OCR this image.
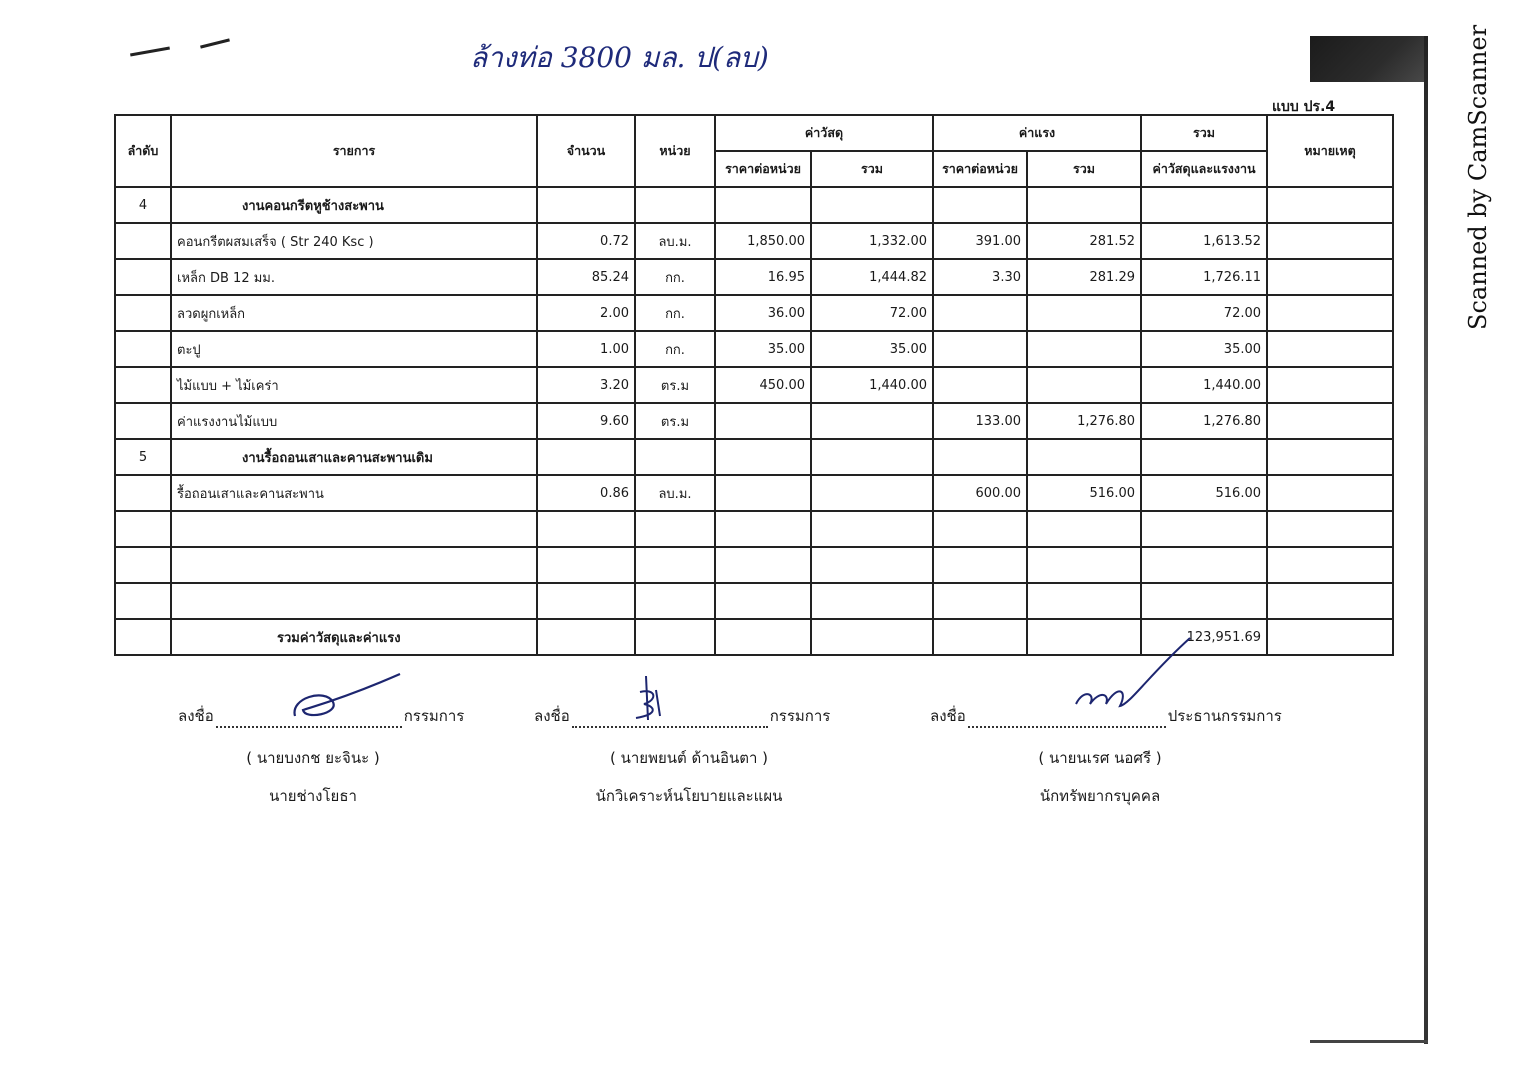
ล้างท่อ 3800 มล. ป(ลบ)
แบบ ปร.4	Scanned by CamScanner
ลำดับ	รายการ	จำนวน	หน่วย	ค่าวัสดุ		ค่าแรง		รวม	หมายเหตุ
				ราคาต่อหน่วย	รวม	ราคาต่อหน่วย	รวม	ค่าวัสดุและแรงงาน	
4	งานคอนกรีตหูช้างสะพาน								
	คอนกรีตผสมเสร็จ ( Str 240 Ksc )	0.72	ลบ.ม.	1,850.00	1,332.00	391.00	281.52	1,613.52	
	เหล็ก DB 12 มม.	85.24	กก.	16.95	1,444.82	3.30	281.29	1,726.11	
	ลวดผูกเหล็ก	2.00	กก.	36.00	72.00			72.00	
	ตะปู	1.00	กก.	35.00	35.00			35.00	
	ไม้แบบ + ไม้เคร่า	3.20	ตร.ม	450.00	1,440.00			1,440.00	
	ค่าแรงงานไม้แบบ	9.60	ตร.ม			133.00	1,276.80	1,276.80	
5	งานรื้อถอนเสาและคานสะพานเดิม								
	รื้อถอนเสาและคานสะพาน	0.86	ลบ.ม.			600.00	516.00	516.00	

	รวมค่าวัสดุและค่าแรง							123,951.69	
ลงชื่อ	กรรมการ
( นายบงกช ยะจินะ )
นายช่างโยธา
ลงชื่อ	กรรมการ
( นายพยนต์ ด้านอินตา )
นักวิเคราะห์นโยบายและแผน
ลงชื่อ	ประธานกรรมการ
( นายนเรศ นอศรี )
นักทรัพยากรบุคคล
